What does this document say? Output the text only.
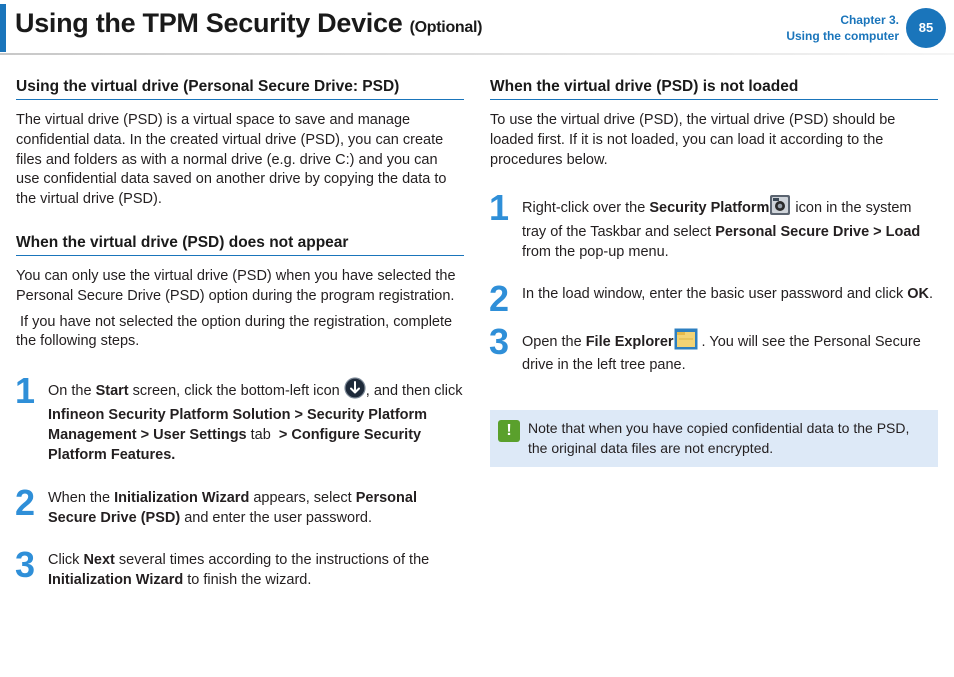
Using the TPM Security Device (Optional)	Chapter 3.
Using the computer
85
Using the virtual drive (Personal Secure Drive: PSD)

The virtual drive (PSD) is a virtual space to save and manage confidential data. In the created virtual drive (PSD), you can create files and folders as with a normal drive (e.g. drive C:) and you can use confidential data saved on another drive by copying the data to the virtual drive (PSD).

When the virtual drive (PSD) does not appear

You can only use the virtual drive (PSD) when you have selected the Personal Secure Drive (PSD) option during the program registration.

If you have not selected the option during the registration, complete the following steps.

1 On the Start screen, click the bottom-left icon , and then click Infineon Security Platform Solution > Security Platform Management > User Settings tab  > Configure Security Platform Features.
2 When the Initialization Wizard appears, select Personal Secure Drive (PSD) and enter the user password.
3 Click Next several times according to the instructions of the Initialization Wizard to finish the wizard.
When the virtual drive (PSD) is not loaded

To use the virtual drive (PSD), the virtual drive (PSD) should be loaded first. If it is not loaded, you can load it according to the procedures below.

1 Right-click over the Security Platform icon in the system tray of the Taskbar and select Personal Secure Drive > Load from the pop-up menu.
2 In the load window, enter the basic user password and click OK.
3 Open the File Explorer . You will see the Personal Secure drive in the left tree pane.
!	Note that when you have copied confidential data to the PSD, the original data files are not encrypted.
